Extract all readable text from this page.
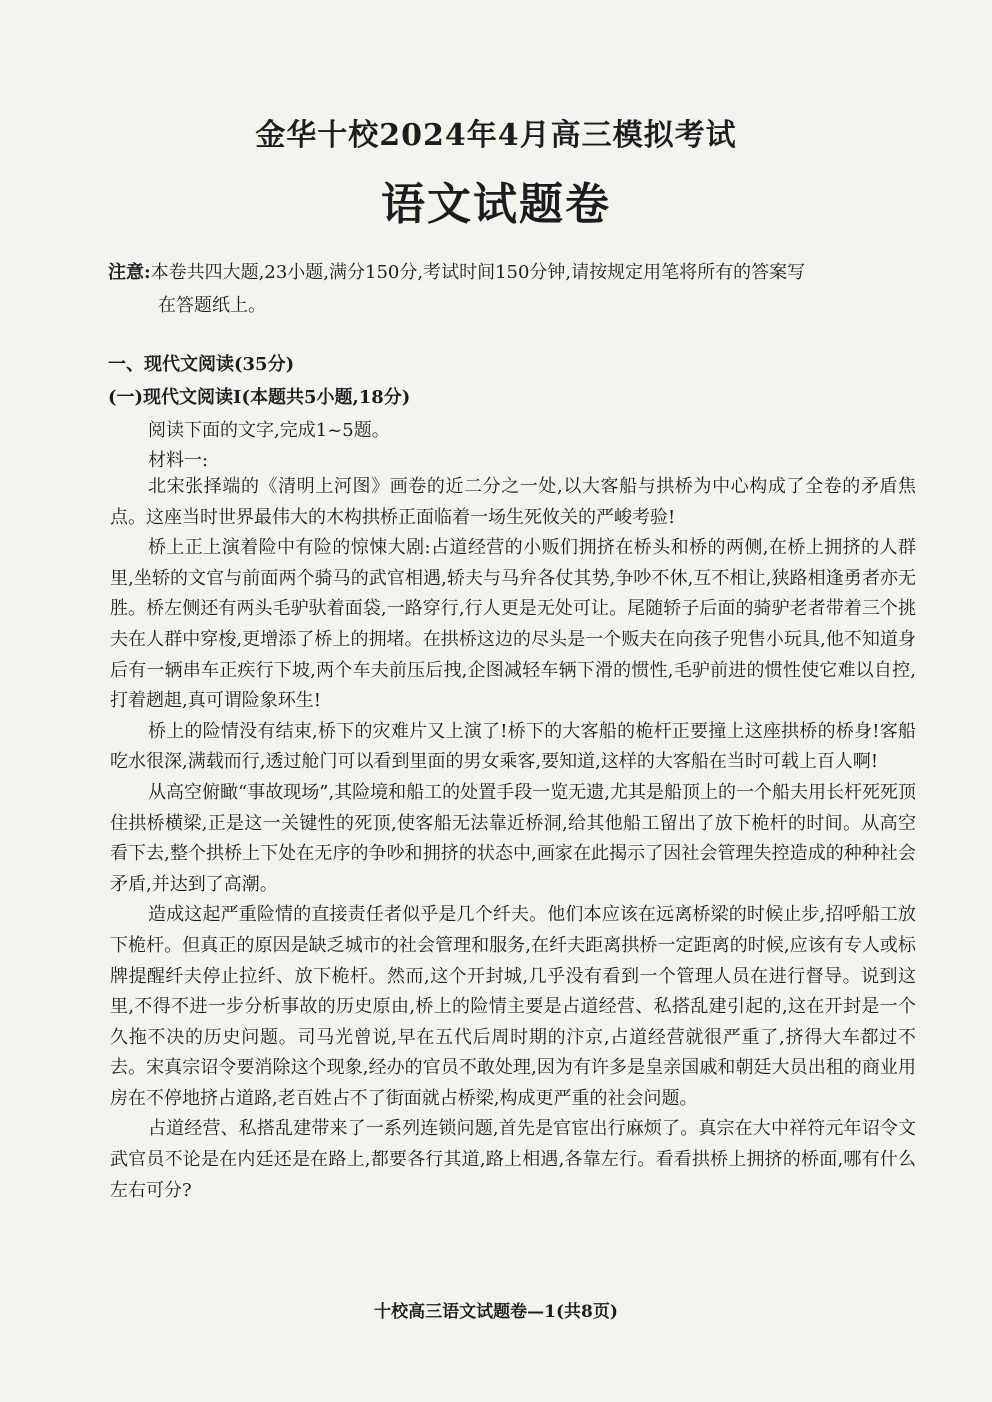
金华十校2024年4月高三模拟考试
语文试题卷
注意:本卷共四大题,23小题,满分150分,考试时间150分钟,请按规定用笔将所有的答案写
在答题纸上。
一、现代文阅读(35分)
(一)现代文阅读Ⅰ(本题共5小题,18分)
阅读下面的文字,完成1~5题。
材料一:

北宋张择端的《清明上河图》画卷的近二分之一处,以大客船与拱桥为中心构成了全卷的矛盾焦点。这座当时世界最伟大的木构拱桥正面临着一场生死攸关的严峻考验!

桥上正上演着险中有险的惊悚大剧:占道经营的小贩们拥挤在桥头和桥的两侧,在桥上拥挤的人群里,坐轿的文官与前面两个骑马的武官相遇,轿夫与马弁各仗其势,争吵不休,互不相让,狭路相逢勇者亦无胜。桥左侧还有两头毛驴驮着面袋,一路穿行,行人更是无处可让。尾随轿子后面的骑驴老者带着三个挑夫在人群中穿梭,更增添了桥上的拥堵。在拱桥这边的尽头是一个贩夫在向孩子兜售小玩具,他不知道身后有一辆串车正疾行下坡,两个车夫前压后拽,企图减轻车辆下滑的惯性,毛驴前进的惯性使它难以自控,打着趔趄,真可谓险象环生!

桥上的险情没有结束,桥下的灾难片又上演了!桥下的大客船的桅杆正要撞上这座拱桥的桥身!客船吃水很深,满载而行,透过舱门可以看到里面的男女乘客,要知道,这样的大客船在当时可载上百人啊!

从高空俯瞰“事故现场”,其险境和船工的处置手段一览无遗,尤其是船顶上的一个船夫用长杆死死顶住拱桥横梁,正是这一关键性的死顶,使客船无法靠近桥洞,给其他船工留出了放下桅杆的时间。从高空看下去,整个拱桥上下处在无序的争吵和拥挤的状态中,画家在此揭示了因社会管理失控造成的种种社会矛盾,并达到了高潮。

造成这起严重险情的直接责任者似乎是几个纤夫。他们本应该在远离桥梁的时候止步,招呼船工放下桅杆。但真正的原因是缺乏城市的社会管理和服务,在纤夫距离拱桥一定距离的时候,应该有专人或标牌提醒纤夫停止拉纤、放下桅杆。然而,这个开封城,几乎没有看到一个管理人员在进行督导。说到这里,不得不进一步分析事故的历史原由,桥上的险情主要是占道经营、私搭乱建引起的,这在开封是一个久拖不决的历史问题。司马光曾说,早在五代后周时期的汴京,占道经营就很严重了,挤得大车都过不去。宋真宗诏令要消除这个现象,经办的官员不敢处理,因为有许多是皇亲国戚和朝廷大员出租的商业用房在不停地挤占道路,老百姓占不了街面就占桥梁,构成更严重的社会问题。

占道经营、私搭乱建带来了一系列连锁问题,首先是官宦出行麻烦了。真宗在大中祥符元年诏令文武官员不论是在内廷还是在路上,都要各行其道,路上相遇,各靠左行。看看拱桥上拥挤的桥面,哪有什么左右可分?

十校高三语文试题卷—1(共8页)
